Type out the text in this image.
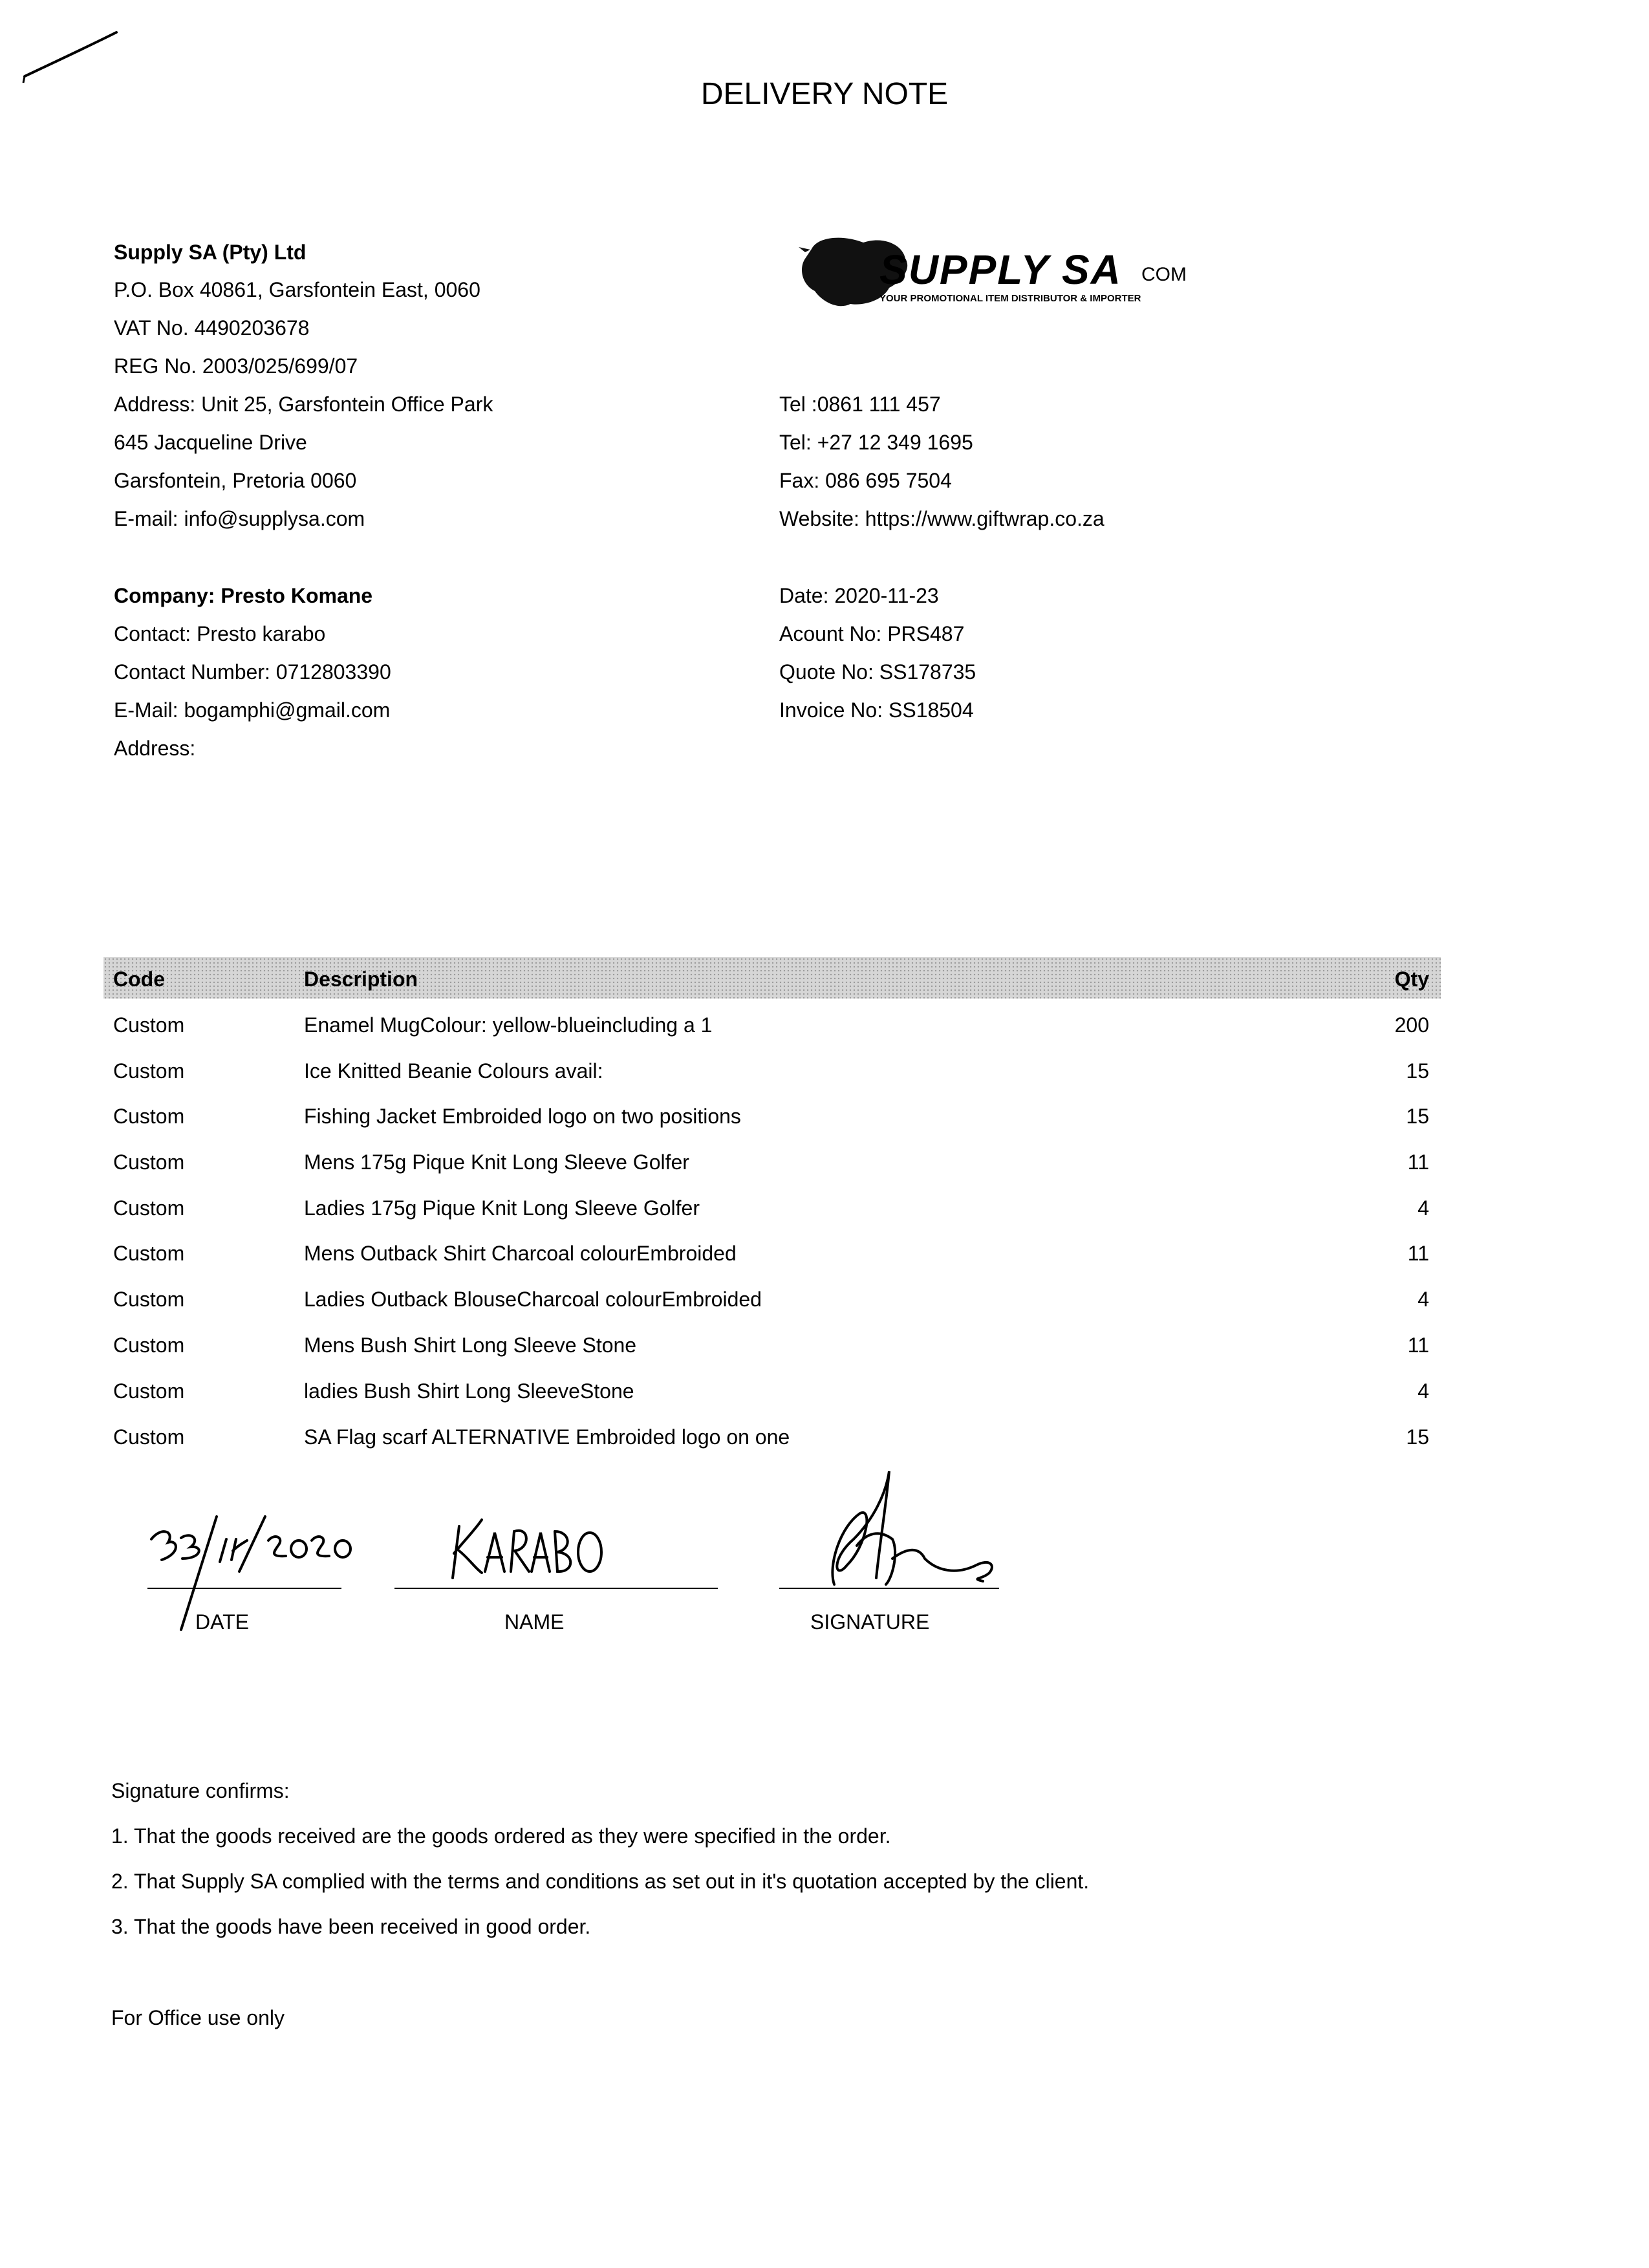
DELIVERY NOTE
Supply SA (Pty) Ltd
P.O. Box 40861, Garsfontein East, 0060
VAT No. 4490203678
REG No. 2003/025/699/07
Address: Unit 25, Garsfontein Office Park
645 Jacqueline Drive
Garsfontein, Pretoria 0060
E-mail: info@supplysa.com
SUPPLY SA COM
YOUR PROMOTIONAL ITEM DISTRIBUTOR & IMPORTER
Tel :0861 111 457
Tel: +27 12 349 1695
Fax: 086 695 7504
Website: https://www.giftwrap.co.za
Company: Presto Komane
Contact: Presto karabo
Contact Number: 0712803390
E-Mail: bogamphi@gmail.com
Address:
Date: 2020-11-23
Acount No: PRS487
Quote No: SS178735
Invoice No: SS18504
Code	Description	Qty
Custom	Enamel MugColour: yellow-blueincluding a 1	200
Custom	Ice Knitted Beanie Colours avail:	15
Custom	Fishing Jacket Embroided logo on two positions	15
Custom	Mens 175g Pique Knit Long Sleeve Golfer	11
Custom	Ladies 175g Pique Knit Long Sleeve Golfer	4
Custom	Mens Outback Shirt Charcoal colourEmbroided	11
Custom	Ladies Outback BlouseCharcoal colourEmbroided	4
Custom	Mens Bush Shirt Long Sleeve Stone	11
Custom	ladies Bush Shirt Long SleeveStone	4
Custom	SA Flag scarf ALTERNATIVE Embroided logo on one	15
DATE	NAME	SIGNATURE
Signature confirms:
1. That the goods received are the goods ordered as they were specified in the order.
2. That Supply SA complied with the terms and conditions as set out in it's quotation accepted by the client.
3. That the goods have been received in good order.
For Office use only
